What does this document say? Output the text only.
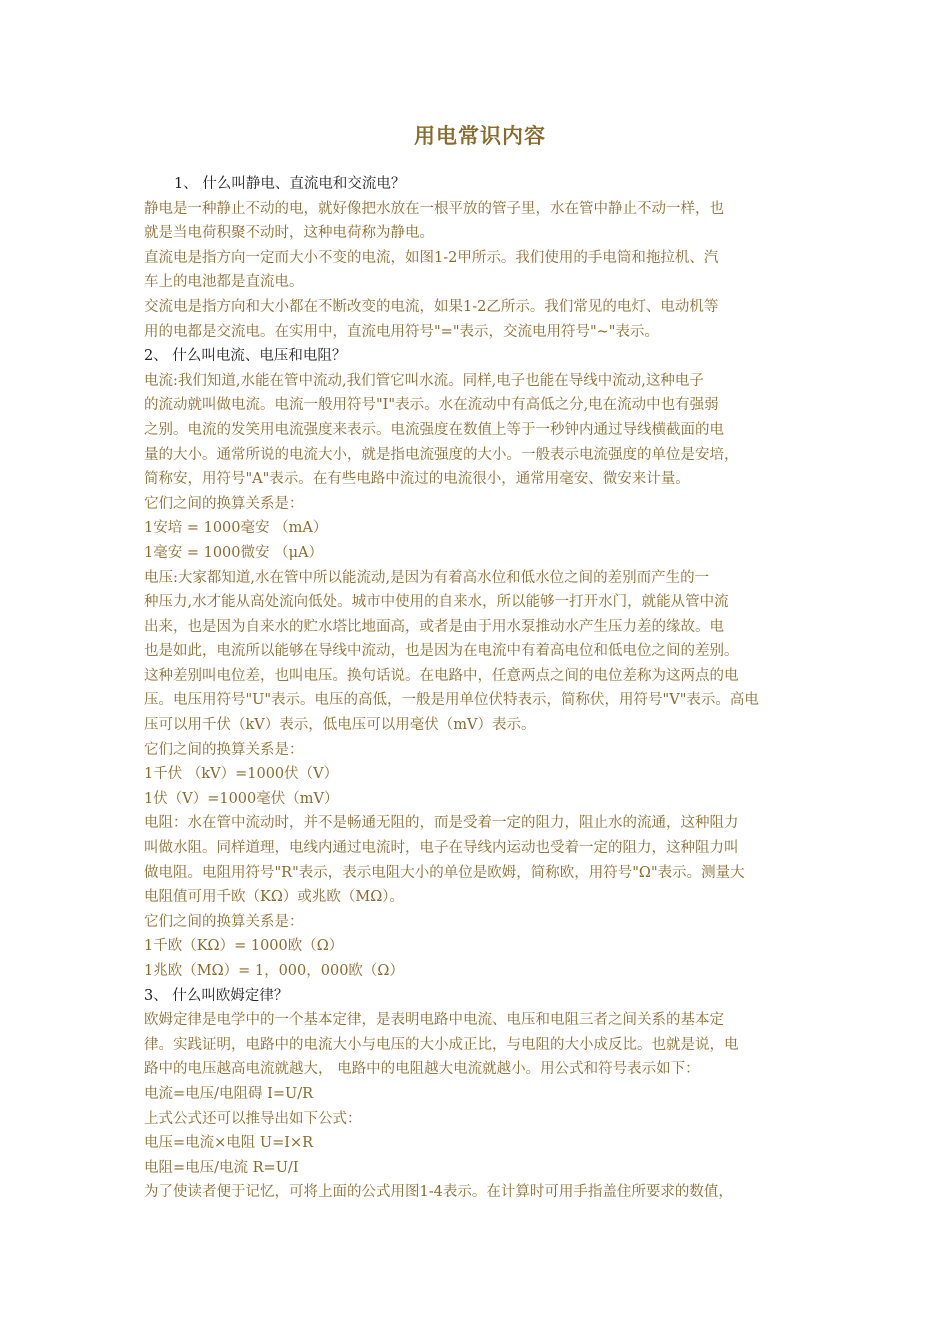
用电常识内容
1、 什么叫静电、直流电和交流电？
静电是一种静止不动的电，就好像把水放在一根平放的管子里，水在管中静止不动一样，也
就是当电荷积聚不动时，这种电荷称为静电。
直流电是指方向一定而大小不变的电流，如图1-2甲所示。我们使用的手电筒和拖拉机、汽
车上的电池都是直流电。
交流电是指方向和大小都在不断改变的电流，如果1-2乙所示。我们常见的电灯、电动机等
用的电都是交流电。在实用中，直流电用符号"="表示，交流电用符号"~"表示。
2、 什么叫电流、电压和电阻？
电流:我们知道,水能在管中流动,我们管它叫水流。同样,电子也能在导线中流动,这种电子
的流动就叫做电流。电流一般用符号"I"表示。水在流动中有高低之分,电在流动中也有强弱
之别。电流的发笑用电流强度来表示。电流强度在数值上等于一秒钟内通过导线横截面的电
量的大小。通常所说的电流大小，就是指电流强度的大小。一般表示电流强度的单位是安培，
简称安，用符号"A"表示。在有些电路中流过的电流很小，通常用毫安、微安来计量。
它们之间的换算关系是：
1安培 = 1000毫安 （mA）
1毫安 = 1000微安 （μA）
电压:大家都知道,水在管中所以能流动,是因为有着高水位和低水位之间的差别而产生的一
种压力,水才能从高处流向低处。城市中使用的自来水，所以能够一打开水门，就能从管中流
出来，也是因为自来水的贮水塔比地面高，或者是由于用水泵推动水产生压力差的缘故。电
也是如此，电流所以能够在导线中流动，也是因为在电流中有着高电位和低电位之间的差别。
这种差别叫电位差，也叫电压。换句话说。在电路中，任意两点之间的电位差称为这两点的电
压。电压用符号"U"表示。电压的高低，一般是用单位伏特表示，简称伏，用符号"V"表示。高电
压可以用千伏（kV）表示，低电压可以用毫伏（mV）表示。
它们之间的换算关系是：
1千伏 （kV）=1000伏（V）
1伏（V）=1000毫伏（mV）
电阻：水在管中流动时，并不是畅通无阻的，而是受着一定的阻力，阻止水的流通，这种阻力
叫做水阻。同样道理，电线内通过电流时，电子在导线内运动也受着一定的阻力，这种阻力叫
做电阻。电阻用符号"R"表示，表示电阻大小的单位是欧姆，简称欧，用符号"Ω"表示。测量大
电阻值可用千欧（KΩ）或兆欧（MΩ）。
它们之间的换算关系是：
1千欧（KΩ）= 1000欧（Ω）
1兆欧（MΩ）= 1，000，000欧（Ω）
3、 什么叫欧姆定律？
欧姆定律是电学中的一个基本定律，是表明电路中电流、电压和电阻三者之间关系的基本定
律。实践证明，电路中的电流大小与电压的大小成正比，与电阻的大小成反比。也就是说，电
路中的电压越高电流就越大， 电路中的电阻越大电流就越小。用公式和符号表示如下：
电流=电压/电阻碍 I=U/R
上式公式还可以推导出如下公式：
电压=电流×电阻 U=I×R
电阻=电压/电流 R=U/I
为了使读者便于记忆，可将上面的公式用图1-4表示。在计算时可用手指盖住所要求的数值，
